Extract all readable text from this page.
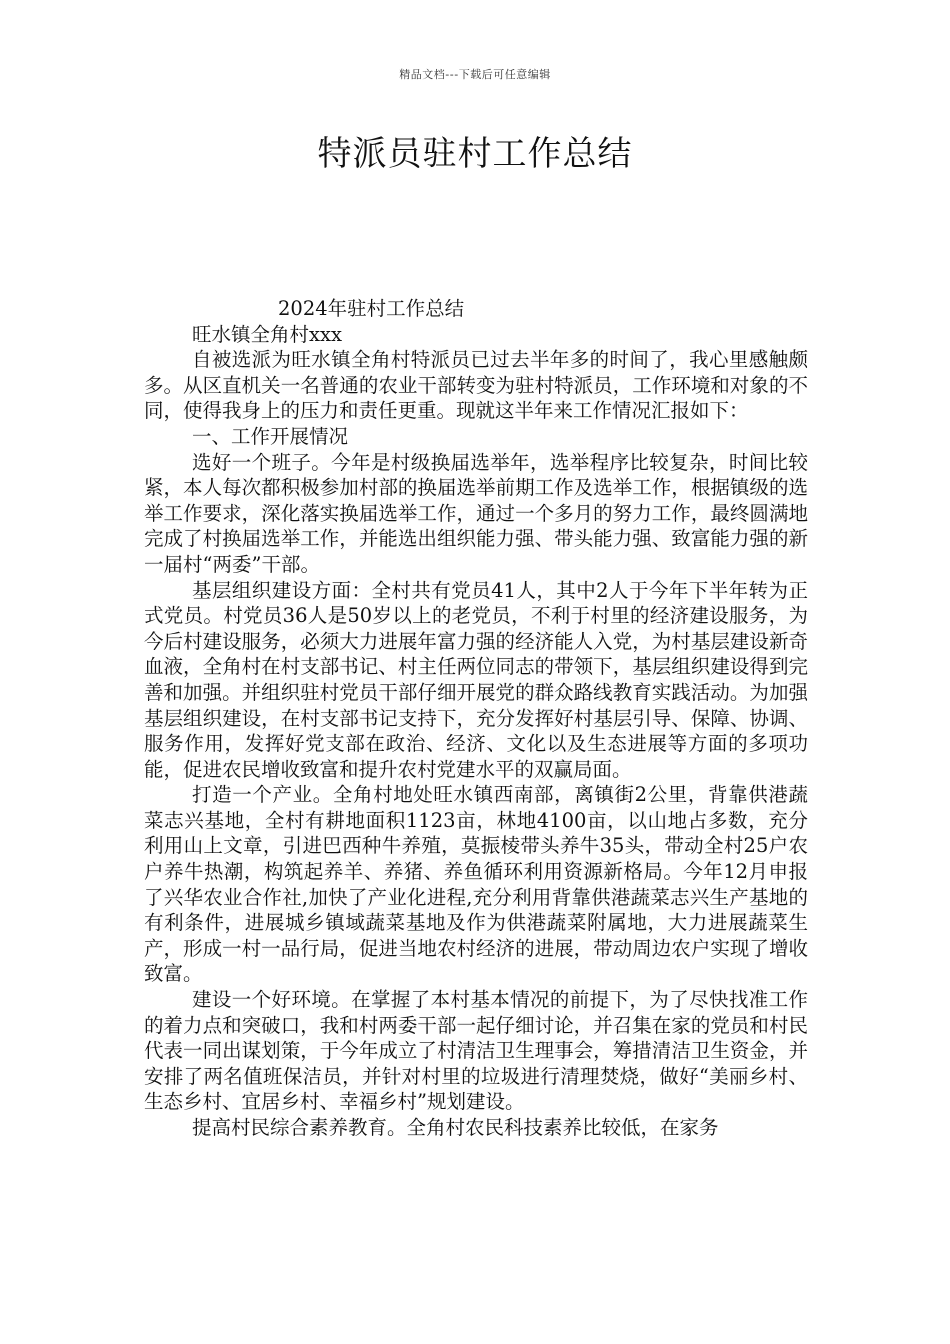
精品文档---下载后可任意编辑
特派员驻村工作总结

2024年驻村工作总结

旺水镇全角村xxx

自被选派为旺水镇全角村特派员已过去半年多的时间了，我心里感触颇多。从区直机关一名普通的农业干部转变为驻村特派员，工作环境和对象的不同，使得我身上的压力和责任更重。现就这半年来工作情况汇报如下：

一、工作开展情况

选好一个班子。今年是村级换届选举年，选举程序比较复杂，时间比较紧，本人每次都积极参加村部的换届选举前期工作及选举工作，根据镇级的选举工作要求，深化落实换届选举工作，通过一个多月的努力工作，最终圆满地完成了村换届选举工作，并能选出组织能力强、带头能力强、致富能力强的新一届村“两委”干部。

基层组织建设方面：全村共有党员41人，其中2人于今年下半年转为正式党员。村党员36人是50岁以上的老党员，不利于村里的经济建设服务，为今后村建设服务，必须大力进展年富力强的经济能人入党，为村基层建设新奇血液，全角村在村支部书记、村主任两位同志的带领下，基层组织建设得到完善和加强。并组织驻村党员干部仔细开展党的群众路线教育实践活动。为加强基层组织建设，在村支部书记支持下，充分发挥好村基层引导、保障、协调、服务作用，发挥好党支部在政治、经济、文化以及生态进展等方面的多项功能，促进农民增收致富和提升农村党建水平的双赢局面。

打造一个产业。全角村地处旺水镇西南部，离镇街2公里，背靠供港蔬菜志兴基地，全村有耕地面积1123亩，林地4100亩，以山地占多数，充分利用山上文章，引进巴西种牛养殖，莫振棱带头养牛35头，带动全村25户农户养牛热潮，构筑起养羊、养猪、养鱼循环利用资源新格局。今年12月申报了兴华农业合作社,加快了产业化进程,充分利用背靠供港蔬菜志兴生产基地的有利条件，进展城乡镇域蔬菜基地及作为供港蔬菜附属地，大力进展蔬菜生产，形成一村一品行局，促进当地农村经济的进展，带动周边农户实现了增收致富。

建设一个好环境。在掌握了本村基本情况的前提下，为了尽快找准工作的着力点和突破口，我和村两委干部一起仔细讨论，并召集在家的党员和村民代表一同出谋划策，于今年成立了村清洁卫生理事会，筹措清洁卫生资金，并安排了两名值班保洁员，并针对村里的垃圾进行清理焚烧，做好“美丽乡村、生态乡村、宜居乡村、幸福乡村”规划建设。

提高村民综合素养教育。全角村农民科技素养比较低，在家务
